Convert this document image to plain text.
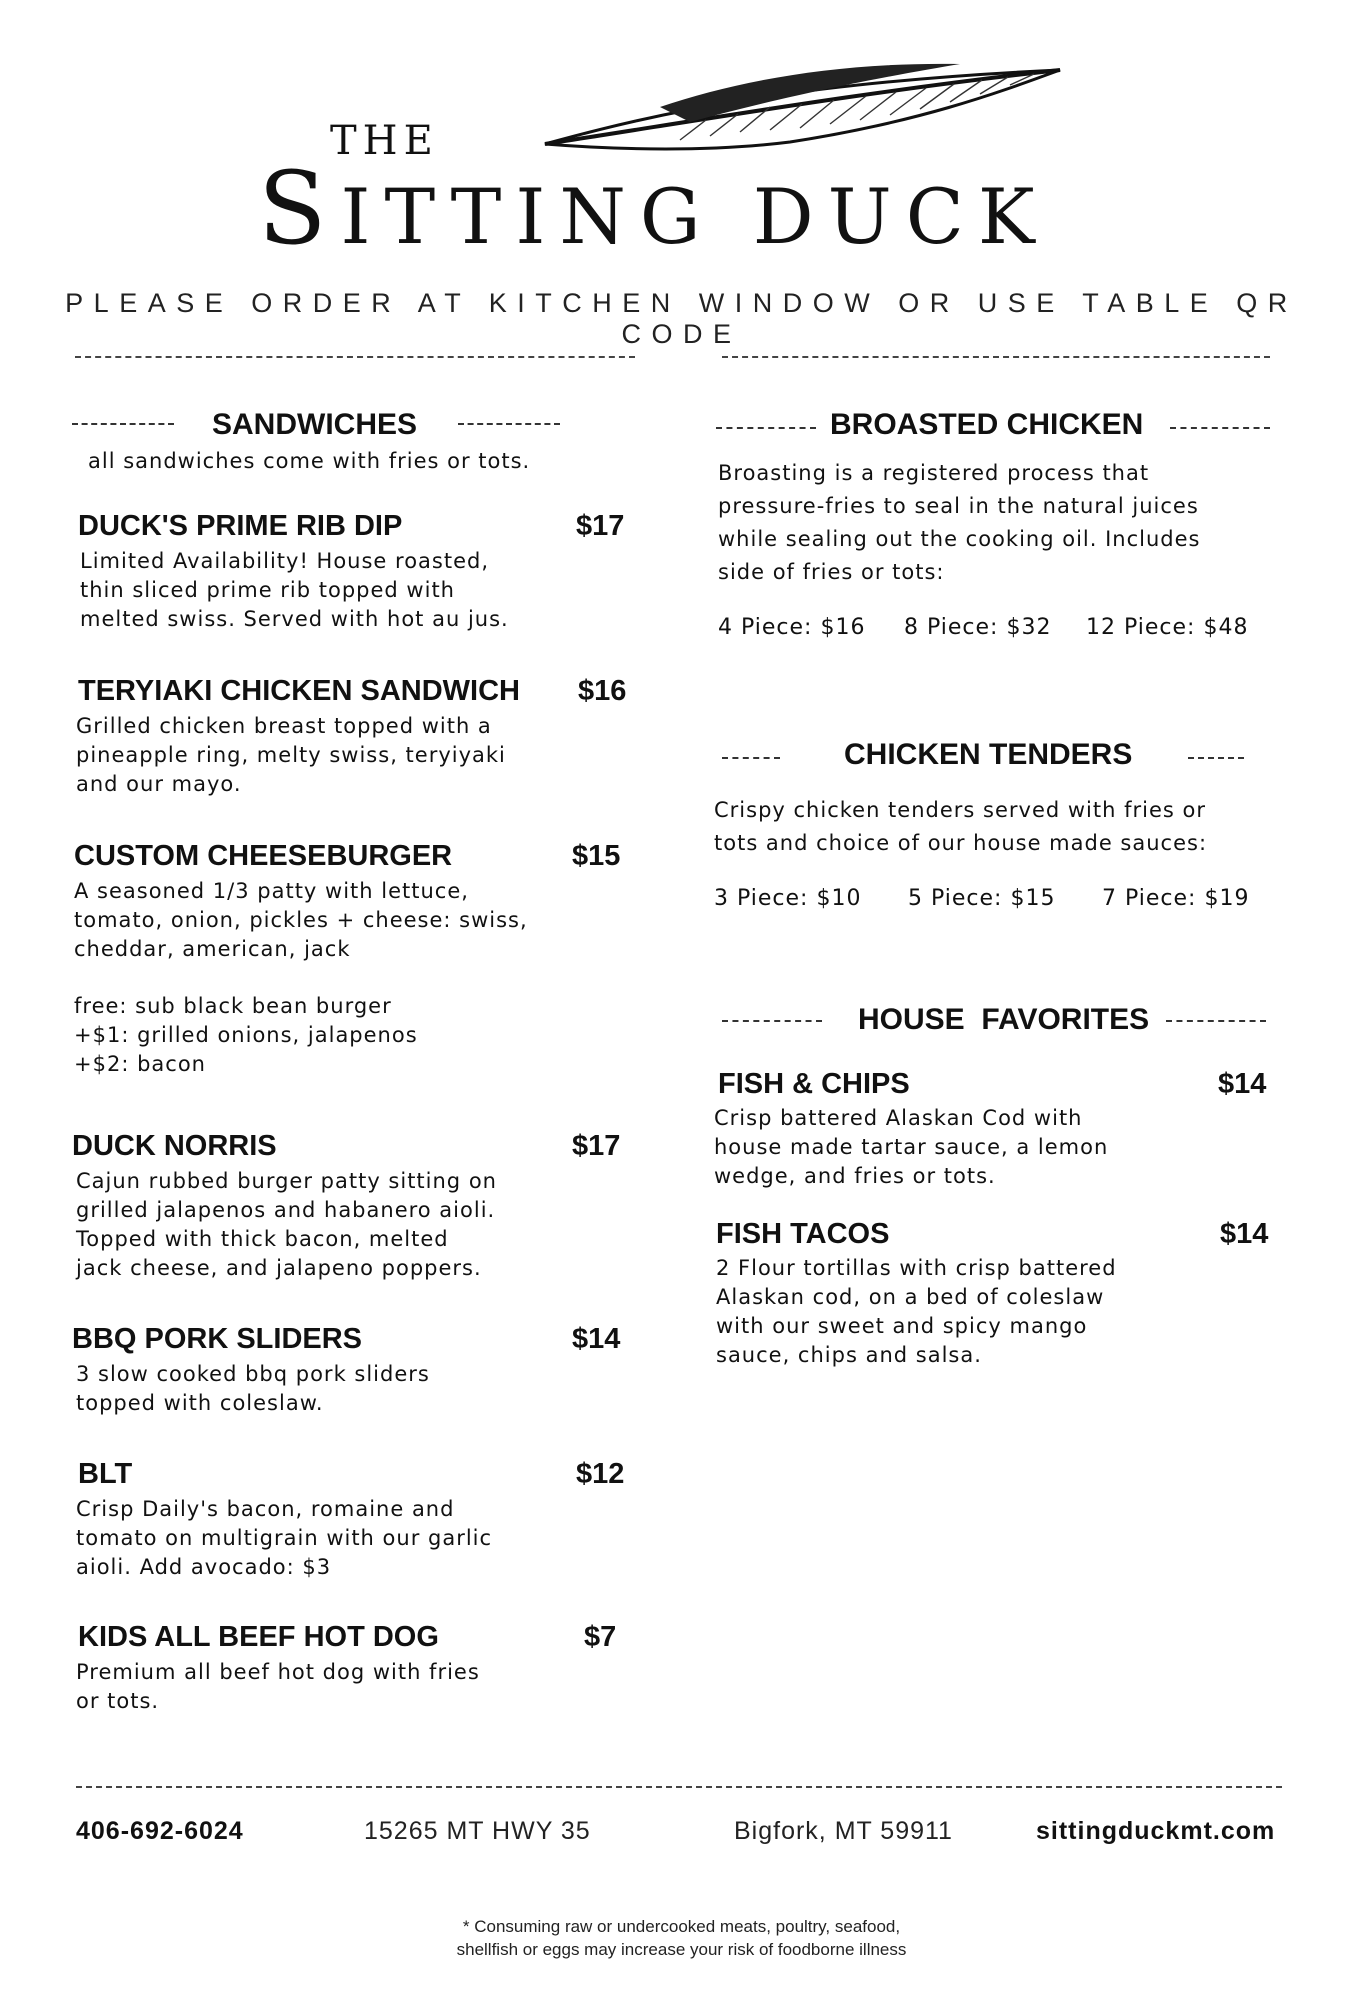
THE
SITTING DUCK
PLEASE ORDER AT KITCHEN WINDOW OR USE TABLE QR CODE
SANDWICHES
all sandwiches come with fries or tots.
DUCK'S PRIME RIB DIP	$17
Limited Availability! House roasted,
thin sliced prime rib topped with
melted swiss. Served with hot au jus.
TERYIAKI CHICKEN SANDWICH $16
Grilled chicken breast topped with a
pineapple ring, melty swiss, teryiyaki
and our mayo.
CUSTOM CHEESEBURGER	$15
A seasoned 1/3 patty with lettuce,
tomato, onion, pickles + cheese: swiss,
cheddar, american, jack
free: sub black bean burger
+$1: grilled onions, jalapenos
+$2: bacon
DUCK NORRIS	$17
Cajun rubbed burger patty sitting on
grilled jalapenos and habanero aioli.
Topped with thick bacon, melted
jack cheese, and jalapeno poppers.
BBQ PORK SLIDERS	$14
3 slow cooked bbq pork sliders
topped with coleslaw.
BLT	$12
Crisp Daily's bacon, romaine and
tomato on multigrain with our garlic
aioli. Add avocado: $3
KIDS ALL BEEF HOT DOG	$7
Premium all beef hot dog with fries
or tots.
BROASTED CHICKEN
Broasting is a registered process that
pressure-fries to seal in the natural juices
while sealing out the cooking oil. Includes
side of fries or tots:
4 Piece: $16 8 Piece: $32 12 Piece: $48
CHICKEN TENDERS
Crispy chicken tenders served with fries or
tots and choice of our house made sauces:
3 Piece: $10 5 Piece: $15 7 Piece: $19
HOUSE  FAVORITES
FISH & CHIPS	$14
Crisp battered Alaskan Cod with
house made tartar sauce, a lemon
wedge, and fries or tots.
FISH TACOS	$14
2 Flour tortillas with crisp battered
Alaskan cod, on a bed of coleslaw
with our sweet and spicy mango
sauce, chips and salsa.
406-692-6024	15265 MT HWY 35	Bigfork, MT 59911	sittingduckmt.com
* Consuming raw or undercooked meats, poultry, seafood,
shellfish or eggs may increase your risk of foodborne illness
